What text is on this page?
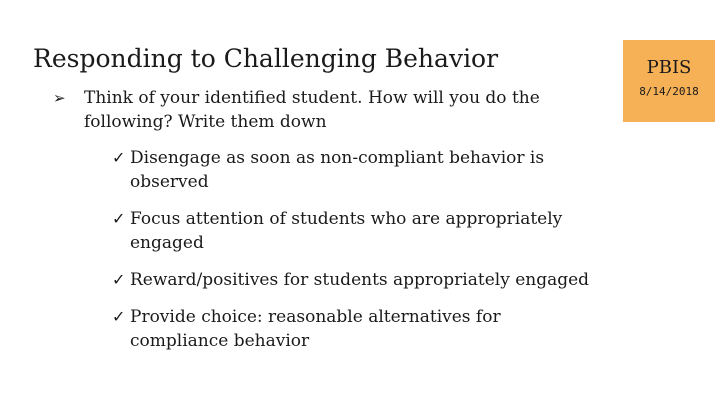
Responding to Challenging Behavior	PBIS
8/14/2018
➢ Think of your identified student. How will you do the following? Write them down
✓ Disengage as soon as non-compliant behavior is observed
✓ Focus attention of students who are appropriately engaged
✓ Reward/positives for students appropriately engaged
✓ Provide choice: reasonable alternatives for compliance behavior
